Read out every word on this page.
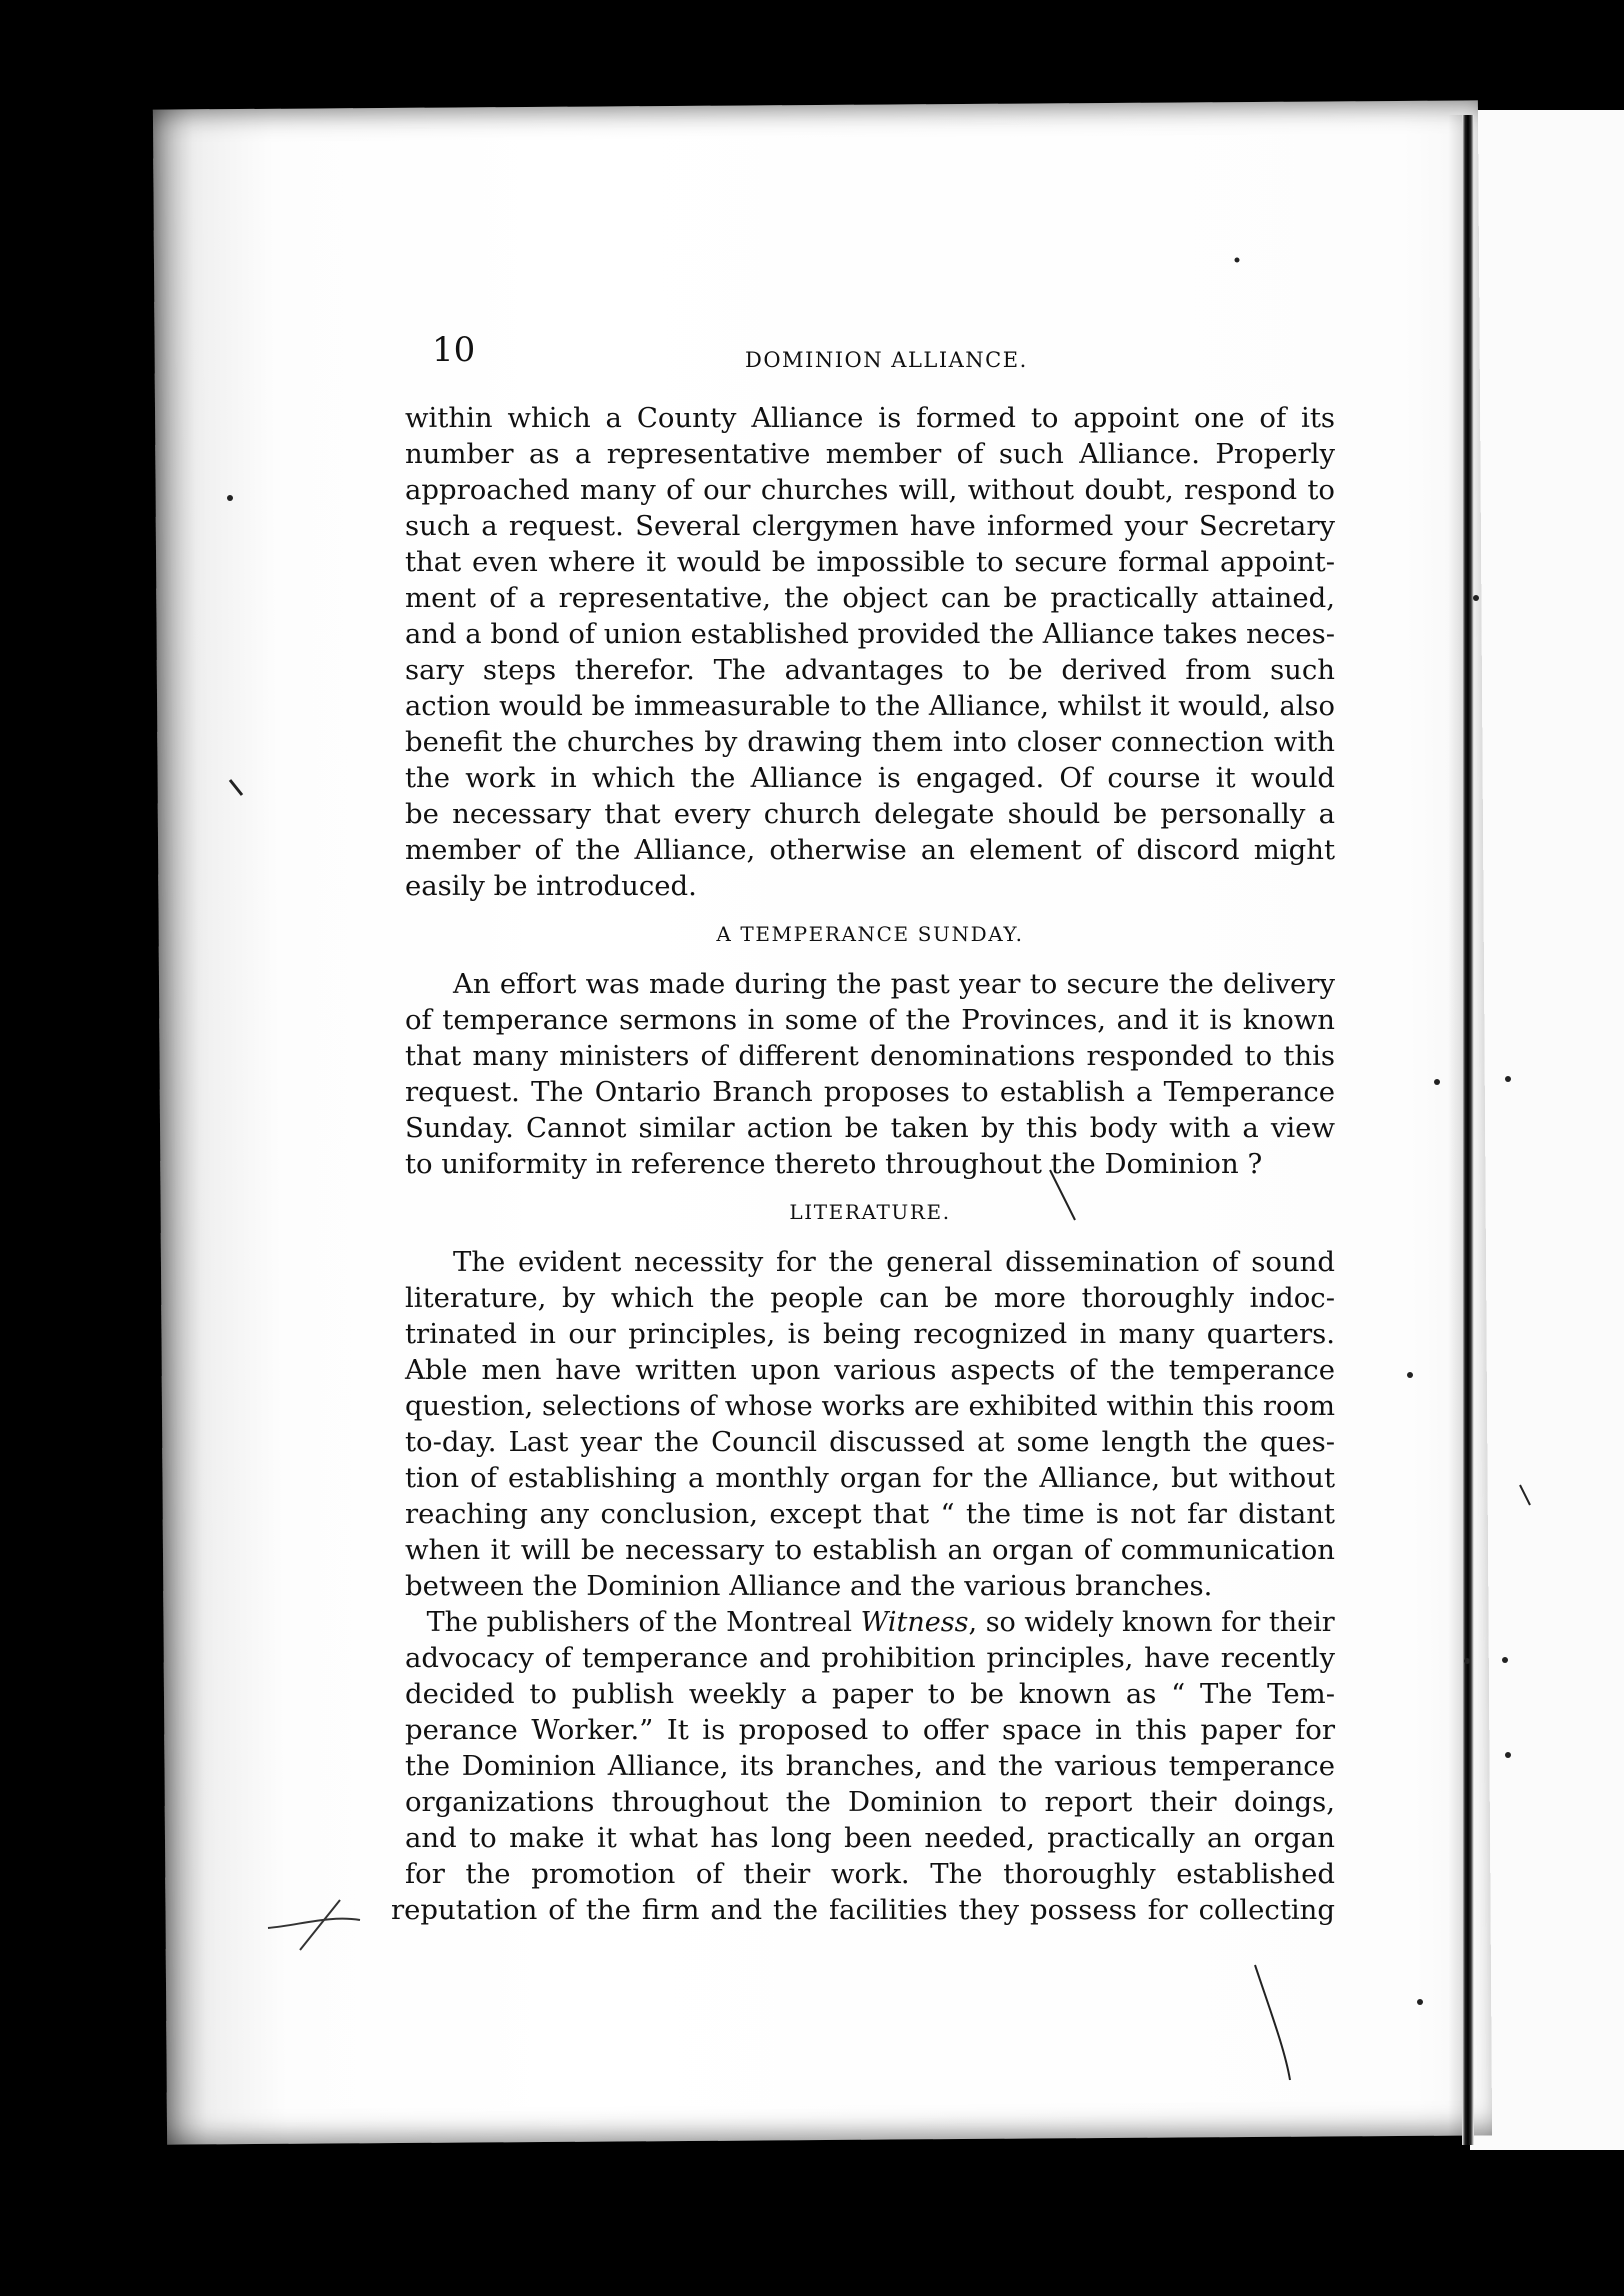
10	DOMINION ALLIANCE.
within which a County Alliance is formed to appoint one of its
number as a representative member of such Alliance. Properly
approached many of our churches will, without doubt, respond to
such a request. Several clergymen have informed your Secretary
that even where it would be impossible to secure formal appoint-
ment of a representative, the object can be practically attained,
and a bond of union established provided the Alliance takes neces-
sary steps therefor. The advantages to be derived from such
action would be immeasurable to the Alliance, whilst it would, also
benefit the churches by drawing them into closer connection with
the work in which the Alliance is engaged. Of course it would
be necessary that every church delegate should be personally a
member of the Alliance, otherwise an element of discord might
easily be introduced.
A TEMPERANCE SUNDAY.
An effort was made during the past year to secure the delivery
of temperance sermons in some of the Provinces, and it is known
that many ministers of different denominations responded to this
request. The Ontario Branch proposes to establish a Temperance
Sunday. Cannot similar action be taken by this body with a view
to uniformity in reference thereto throughout the Dominion ?
LITERATURE.
The evident necessity for the general dissemination of sound
literature, by which the people can be more thoroughly indoc-
trinated in our principles, is being recognized in many quarters.
Able men have written upon various aspects of the temperance
question, selections of whose works are exhibited within this room
to-day. Last year the Council discussed at some length the ques-
tion of establishing a monthly organ for the Alliance, but without
reaching any conclusion, except that “ the time is not far distant
when it will be necessary to establish an organ of communication
between the Dominion Alliance and the various branches.
The publishers of the Montreal Witness, so widely known for their
advocacy of temperance and prohibition principles, have recently
decided to publish weekly a paper to be known as “ The Tem-
perance Worker.” It is proposed to offer space in this paper for
the Dominion Alliance, its branches, and the various temperance
organizations throughout the Dominion to report their doings,
and to make it what has long been needed, practically an organ
for the promotion of their work. The thoroughly established
reputation of the firm and the facilities they possess for collecting
